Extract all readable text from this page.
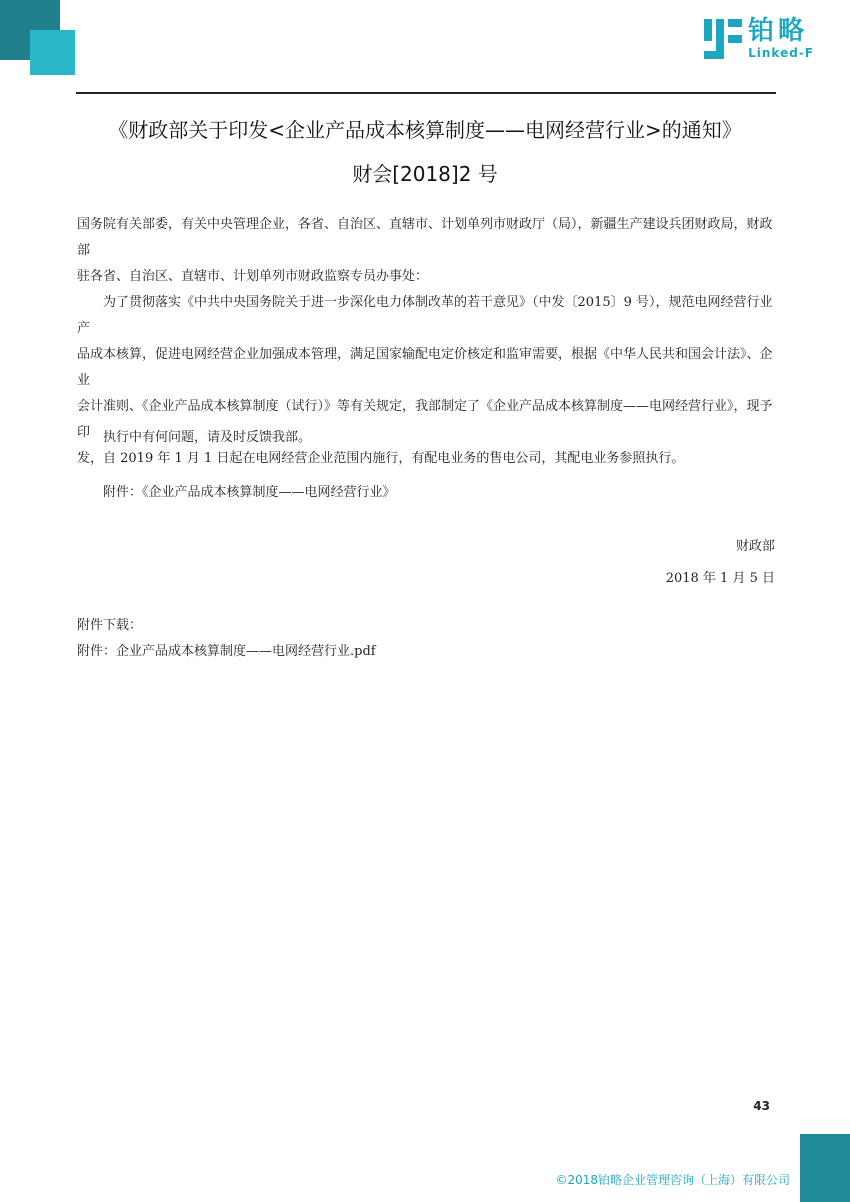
铂略
Linked-F
《财政部关于印发<企业产品成本核算制度——电网经营行业>的通知》
财会[2018]2 号

国务院有关部委，有关中央管理企业，各省、自治区、直辖市、计划单列市财政厅（局），新疆生产建设兵团财政局，财政部

驻各省、自治区、直辖市、计划单列市财政监察专员办事处：

为了贯彻落实《中共中央国务院关于进一步深化电力体制改革的若干意见》（中发〔2015〕9 号），规范电网经营行业产

品成本核算，促进电网经营企业加强成本管理，满足国家输配电定价核定和监审需要，根据《中华人民共和国会计法》、企业

会计准则、《企业产品成本核算制度（试行）》等有关规定，我部制定了《企业产品成本核算制度——电网经营行业》，现予印

发，自 2019 年 1 月 1 日起在电网经营企业范围内施行，有配电业务的售电公司，其配电业务参照执行。

执行中有何问题，请及时反馈我部。

附件：《企业产品成本核算制度——电网经营行业》

财政部

2018 年 1 月 5 日

附件下载：

附件：企业产品成本核算制度——电网经营行业.pdf

43
©2018铂略企业管理咨询（上海）有限公司
